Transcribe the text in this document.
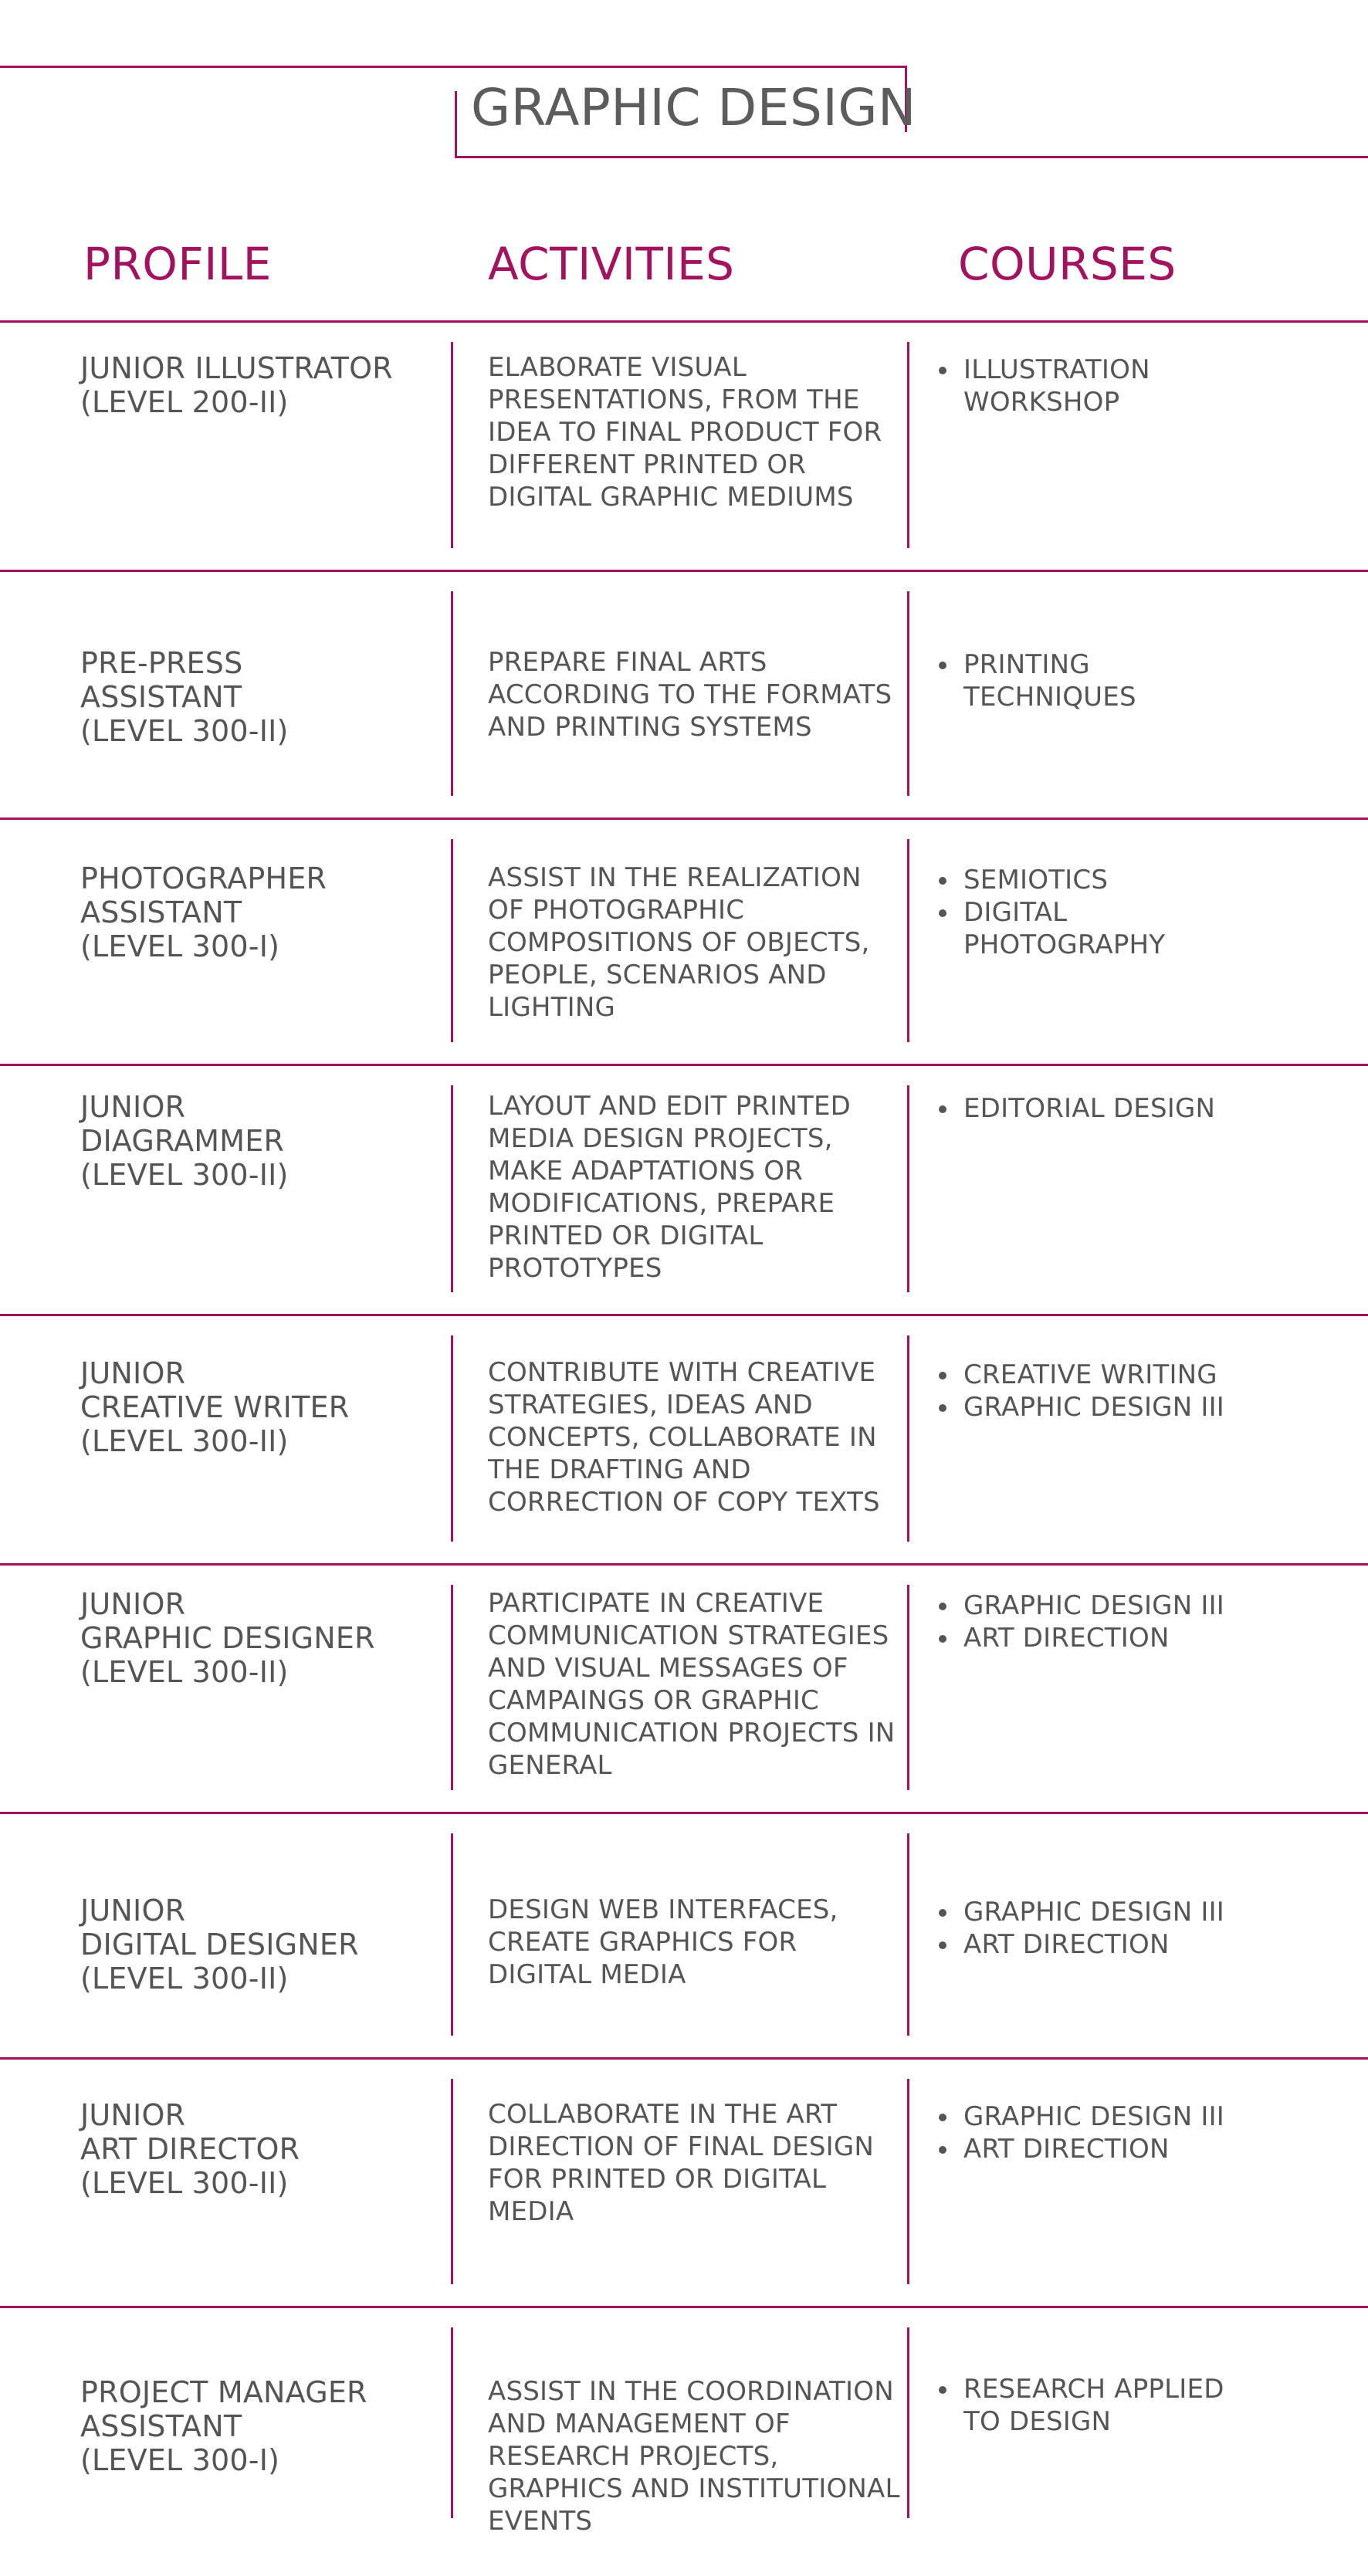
GRAPHIC DESIGN
PROFILE	ACTIVITIES	COURSES
JUNIOR ILLUSTRATOR
(LEVEL 200-II)
ELABORATE VISUAL PRESENTATIONS, FROM THE IDEA TO FINAL PRODUCT FOR DIFFERENT PRINTED OR DIGITAL GRAPHIC MEDIUMS
ILLUSTRATION WORKSHOP
PRE-PRESS
ASSISTANT
(LEVEL 300-II)
PREPARE FINAL ARTS ACCORDING TO THE FORMATS AND PRINTING SYSTEMS
PRINTING TECHNIQUES
PHOTOGRAPHER
ASSISTANT
(LEVEL 300-I)
ASSIST IN THE REALIZATION OF PHOTOGRAPHIC COMPOSITIONS OF OBJECTS, PEOPLE, SCENARIOS AND LIGHTING
SEMIOTICS
DIGITAL PHOTOGRAPHY
JUNIOR
DIAGRAMMER
(LEVEL 300-II)
LAYOUT AND EDIT PRINTED MEDIA DESIGN PROJECTS, MAKE ADAPTATIONS OR MODIFICATIONS, PREPARE PRINTED OR DIGITAL PROTOTYPES
EDITORIAL DESIGN
JUNIOR
CREATIVE WRITER
(LEVEL 300-II)
CONTRIBUTE WITH CREATIVE STRATEGIES, IDEAS AND CONCEPTS, COLLABORATE IN THE DRAFTING AND CORRECTION OF COPY TEXTS
CREATIVE WRITING
GRAPHIC DESIGN III
JUNIOR
GRAPHIC DESIGNER
(LEVEL 300-II)
PARTICIPATE IN CREATIVE COMMUNICATION STRATEGIES AND VISUAL MESSAGES OF CAMPAINGS OR GRAPHIC COMMUNICATION PROJECTS IN GENERAL
GRAPHIC DESIGN III
ART DIRECTION
JUNIOR
DIGITAL DESIGNER
(LEVEL 300-II)
DESIGN WEB INTERFACES, CREATE GRAPHICS FOR DIGITAL MEDIA
GRAPHIC DESIGN III
ART DIRECTION
JUNIOR
ART DIRECTOR
(LEVEL 300-II)
COLLABORATE IN THE ART DIRECTION OF FINAL DESIGN FOR PRINTED OR DIGITAL MEDIA
GRAPHIC DESIGN III
ART DIRECTION
PROJECT MANAGER
ASSISTANT
(LEVEL 300-I)
ASSIST IN THE COORDINATION AND MANAGEMENT OF RESEARCH PROJECTS, GRAPHICS AND INSTITUTIONAL EVENTS
RESEARCH APPLIED TO DESIGN
